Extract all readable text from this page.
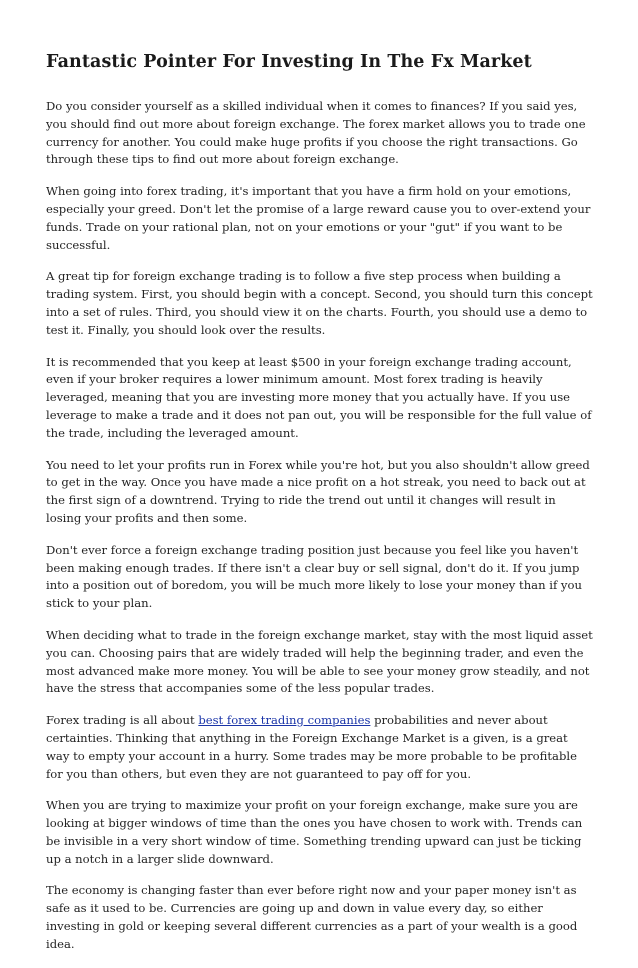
Fantastic Pointer For Investing In The Fx Market

Do you consider yourself as a skilled individual when it comes to finances? If you said yes, you should find out more about foreign exchange. The forex market allows you to trade one currency for another. You could make huge profits if you choose the right transactions. Go through these tips to find out more about foreign exchange.

When going into forex trading, it's important that you have a firm hold on your emotions, especially your greed. Don't let the promise of a large reward cause you to over-extend your funds. Trade on your rational plan, not on your emotions or your "gut" if you want to be successful.

A great tip for foreign exchange trading is to follow a five step process when building a trading system. First, you should begin with a concept. Second, you should turn this concept into a set of rules. Third, you should view it on the charts. Fourth, you should use a demo to test it. Finally, you should look over the results.

It is recommended that you keep at least $500 in your foreign exchange trading account, even if your broker requires a lower minimum amount. Most forex trading is heavily leveraged, meaning that you are investing more money that you actually have. If you use leverage to make a trade and it does not pan out, you will be responsible for the full value of the trade, including the leveraged amount.

You need to let your profits run in Forex while you're hot, but you also shouldn't allow greed to get in the way. Once you have made a nice profit on a hot streak, you need to back out at the first sign of a downtrend. Trying to ride the trend out until it changes will result in losing your profits and then some.

Don't ever force a foreign exchange trading position just because you feel like you haven't been making enough trades. If there isn't a clear buy or sell signal, don't do it. If you jump into a position out of boredom, you will be much more likely to lose your money than if you stick to your plan.

When deciding what to trade in the foreign exchange market, stay with the most liquid asset you can. Choosing pairs that are widely traded will help the beginning trader, and even the most advanced make more money. You will be able to see your money grow steadily, and not have the stress that accompanies some of the less popular trades.

Forex trading is all about best forex trading companies probabilities and never about certainties. Thinking that anything in the Foreign Exchange Market is a given, is a great way to empty your account in a hurry. Some trades may be more probable to be profitable for you than others, but even they are not guaranteed to pay off for you.

When you are trying to maximize your profit on your foreign exchange, make sure you are looking at bigger windows of time than the ones you have chosen to work with. Trends can be invisible in a very short window of time. Something trending upward can just be ticking up a notch in a larger slide downward.

The economy is changing faster than ever before right now and your paper money isn't as safe as it used to be. Currencies are going up and down in value every day, so either investing in gold or keeping several different currencies as a part of your wealth is a good idea.
